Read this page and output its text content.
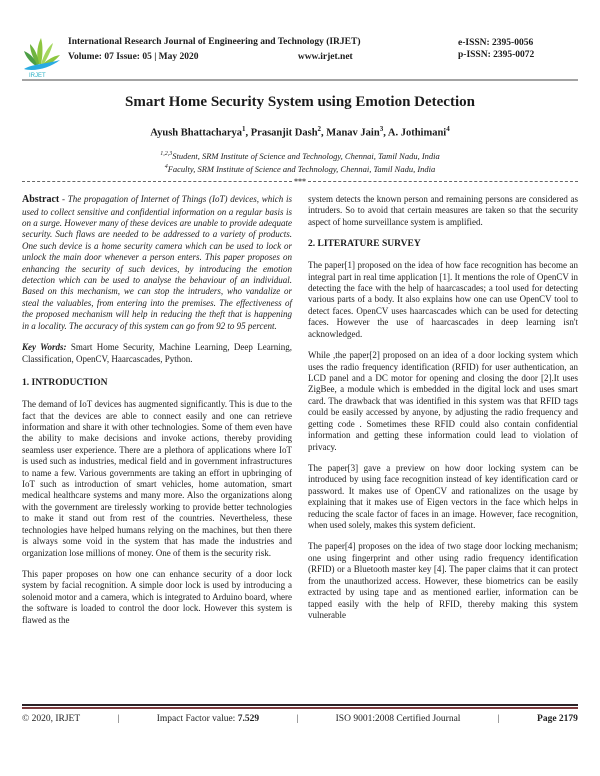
IRJET
International Research Journal of Engineering and Technology (IRJET)
Volume: 07 Issue: 05 | May 2020	www.irjet.net
e-ISSN: 2395-0056
p-ISSN: 2395-0072
Smart Home Security System using Emotion Detection
Ayush Bhattacharya$^1$, Prasanjit Dash$^2$, Manav Jain$^3$, A. Jothimani$^4$
$^{1,2,3}$Student, SRM Institute of Science and Technology, Chennai, Tamil Nadu, India
$^4$Faculty, SRM Institute of Science and Technology, Chennai, Tamil Nadu, India
***

Abstract - The propagation of Internet of Things (IoT) devices, which is used to collect sensitive and confidential information on a regular basis is on a surge. However many of these devices are unable to provide adequate security. Such flaws are needed to be addressed to a variety of products. One such device is a home security camera which can be used to lock or unlock the main door whenever a person enters. This paper proposes on enhancing the security of such devices, by introducing the emotion detection which can be used to analyse the behaviour of an individual. Based on this mechanism, we can stop the intruders, who vandalize or steal the valuables, from entering into the premises. The effectiveness of the proposed mechanism will help in reducing the theft that is happening in a locality. The accuracy of this system can go from 92 to 95 percent.

Key Words: Smart Home Security, Machine Learning, Deep Learning, Classification, OpenCV, Haarcascades, Python.

1. INTRODUCTION

The demand of IoT devices has augmented significantly. This is due to the fact that the devices are able to connect easily and one can retrieve information and share it with other technologies. Some of them even have the ability to make decisions and invoke actions, thereby providing seamless user experience. There are a plethora of applications where IoT is used such as industries, medical field and in government infrastructures to name a few. Various governments are taking an effort in upbringing of IoT such as introduction of smart vehicles, home automation, smart medical healthcare systems and many more. Also the organizations along with the government are tirelessly working to provide better technologies to make it stand out from rest of the countries. Nevertheless, these technologies have helped humans relying on the machines, but then there is always some void in the system that has made the industries and organization lose millions of money. One of them is the security risk.

This paper proposes on how one can enhance security of a door lock system by facial recognition. A simple door lock is used by introducing a solenoid motor and a camera, which is integrated to Arduino board, where the software is loaded to control the door lock. However this system is flawed as the

system detects the known person and remaining persons are considered as intruders. So to avoid that certain measures are taken so that the security aspect of home surveillance system is amplified.

2. LITERATURE SURVEY

The paper[1] proposed on the idea of how face recognition has become an integral part in real time application [1]. It mentions the role of OpenCV in detecting the face with the help of haarcascades; a tool used for detecting various parts of a body. It also explains how one can use OpenCV tool to detect faces. OpenCV uses haarcascades which can be used for detecting faces. However the use of haarcascades in deep learning isn't acknowledged.

While ,the paper[2] proposed on an idea of a door locking system which uses the radio frequency identification (RFID) for user authentication, an LCD panel and a DC motor for opening and closing the door [2].It uses ZigBee, a module which is embedded in the digital lock and uses smart card. The drawback that was identified in this system was that RFID tags could be easily accessed by anyone, by adjusting the radio frequency and getting code . Sometimes these RFID could also contain confidential information and getting these information could lead to violation of privacy.

The paper[3] gave a preview on how door locking system can be introduced by using face recognition instead of key identification card or password. It makes use of OpenCV and rationalizes on the usage by explaining that it makes use of Eigen vectors in the face which helps in reducing the scale factor of faces in an image. However, face recognition, when used solely, makes this system deficient.

The paper[4] proposes on the idea of two stage door locking mechanism; one using fingerprint and other using radio frequency identification (RFID) or a Bluetooth master key [4]. The paper claims that it can protect from the unauthorized access. However, these biometrics can be easily extracted by using tape and as mentioned earlier, information can be tapped easily with the help of RFID, thereby making this system vulnerable

© 2020, IRJET	|	Impact Factor value: 7.529	|	ISO 9001:2008 Certified Journal	|	Page 2179
